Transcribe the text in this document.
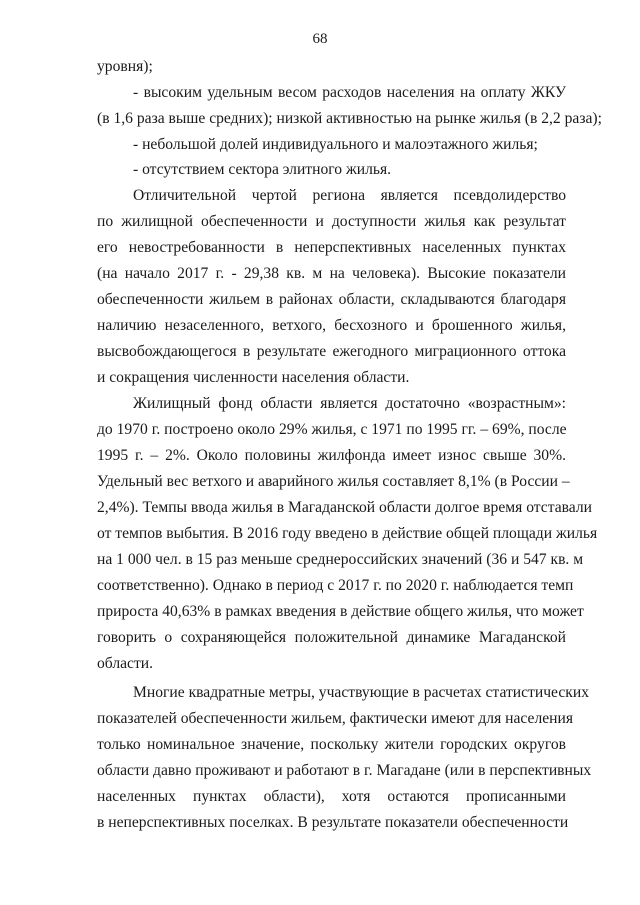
68
уровня);
- высоким удельным весом расходов населения на оплату ЖКУ
(в 1,6 раза выше средних); низкой активностью на рынке жилья (в 2,2 раза);
- небольшой долей индивидуального и малоэтажного жилья;
- отсутствием сектора элитного жилья.
Отличительной чертой региона является псевдолидерство
по жилищной обеспеченности и доступности жилья как результат
его невостребованности в неперспективных населенных пунктах
(на начало 2017 г. - 29,38 кв. м на человека). Высокие показатели
обеспеченности жильем в районах области, складываются благодаря
наличию незаселенного, ветхого, бесхозного и брошенного жилья,
высвобождающегося в результате ежегодного миграционного оттока
и сокращения численности населения области.
Жилищный фонд области является достаточно «возрастным»:
до 1970 г. построено около 29% жилья, с 1971 по 1995 гг. – 69%, после
1995 г. – 2%. Около половины жилфонда имеет износ свыше 30%.
Удельный вес ветхого и аварийного жилья составляет 8,1% (в России –
2,4%). Темпы ввода жилья в Магаданской области долгое время отставали
от темпов выбытия. В 2016 году введено в действие общей площади жилья
на 1 000 чел. в 15 раз меньше среднероссийских значений (36 и 547 кв. м
соответственно). Однако в период с 2017 г. по 2020 г. наблюдается темп
прироста 40,63% в рамках введения в действие общего жилья, что может
говорить о сохраняющейся положительной динамике Магаданской
области.
Многие квадратные метры, участвующие в расчетах статистических
показателей обеспеченности жильем, фактически имеют для населения
только номинальное значение, поскольку жители городских округов
области давно проживают и работают в г. Магадане (или в перспективных
населенных пунктах области), хотя остаются прописанными
в неперспективных поселках. В результате показатели обеспеченности
